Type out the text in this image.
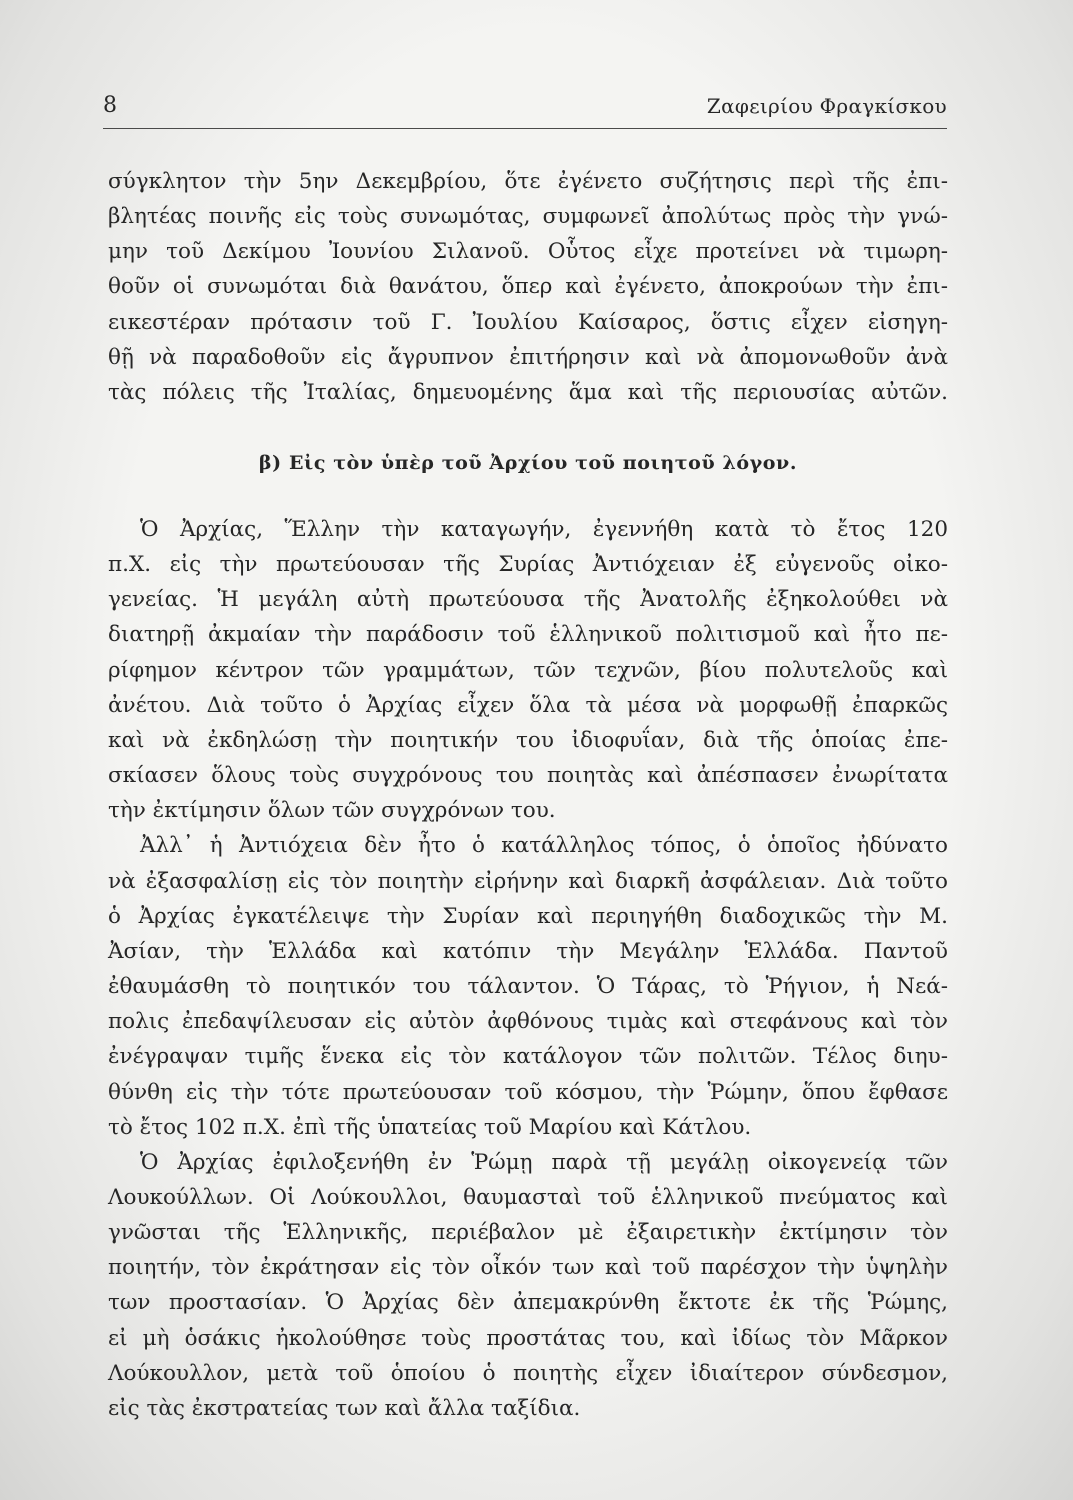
8	Ζαφειρίου Φραγκίσκου
σύγκλητον τὴν 5ην Δεκεμβρίου, ὅτε ἐγένετο συζήτησις περὶ τῆς ἐπι-
βλητέας ποινῆς εἰς τοὺς συνωμότας, συμφωνεῖ ἀπολύτως πρὸς τὴν γνώ-
μην τοῦ Δεκίμου Ἰουνίου Σιλανοῦ. Οὗτος εἶχε προτείνει νὰ τιμωρη-
θοῦν οἱ συνωμόται διὰ θανάτου, ὅπερ καὶ ἐγένετο, ἀποκρούων τὴν ἐπι-
εικεστέραν πρότασιν τοῦ Γ. Ἰουλίου Καίσαρος, ὅστις εἶχεν εἰσηγη-
θῇ νὰ παραδοθοῦν εἰς ἄγρυπνον ἐπιτήρησιν καὶ νὰ ἀπομονωθοῦν ἀνὰ
τὰς πόλεις τῆς Ἰταλίας, δημευομένης ἅμα καὶ τῆς περιουσίας αὐτῶν.
β) Εἰς τὸν ὑπὲρ τοῦ Ἀρχίου τοῦ ποιητοῦ λόγον.
Ὁ Ἀρχίας, Ἕλλην τὴν καταγωγήν, ἐγεννήθη κατὰ τὸ ἔτος 120
π.Χ. εἰς τὴν πρωτεύουσαν τῆς Συρίας Ἀντιόχειαν ἐξ εὐγενοῦς οἰκο-
γενείας. Ἡ μεγάλη αὐτὴ πρωτεύουσα τῆς Ἀνατολῆς ἐξηκολούθει νὰ
διατηρῇ ἀκμαίαν τὴν παράδοσιν τοῦ ἑλληνικοῦ πολιτισμοῦ καὶ ἦτο πε-
ρίφημον κέντρον τῶν γραμμάτων, τῶν τεχνῶν, βίου πολυτελοῦς καὶ
ἀνέτου. Διὰ τοῦτο ὁ Ἀρχίας εἶχεν ὅλα τὰ μέσα νὰ μορφωθῇ ἐπαρκῶς
καὶ νὰ ἐκδηλώσῃ τὴν ποιητικήν του ἰδιοφυΐαν, διὰ τῆς ὁποίας ἐπε-
σκίασεν ὅλους τοὺς συγχρόνους του ποιητὰς καὶ ἀπέσπασεν ἐνωρίτατα
τὴν ἐκτίμησιν ὅλων τῶν συγχρόνων του.
Ἀλλ᾽ ἡ Ἀντιόχεια δὲν ἦτο ὁ κατάλληλος τόπος, ὁ ὁποῖος ἠδύνατο
νὰ ἐξασφαλίσῃ εἰς τὸν ποιητὴν εἰρήνην καὶ διαρκῆ ἀσφάλειαν. Διὰ τοῦτο
ὁ Ἀρχίας ἐγκατέλειψε τὴν Συρίαν καὶ περιηγήθη διαδοχικῶς τὴν Μ.
Ἀσίαν, τὴν Ἑλλάδα καὶ κατόπιν τὴν Μεγάλην Ἑλλάδα. Παντοῦ
ἐθαυμάσθη τὸ ποιητικόν του τάλαντον. Ὁ Τάρας, τὸ Ῥήγιον, ἡ Νεά-
πολις ἐπεδαψίλευσαν εἰς αὐτὸν ἀφθόνους τιμὰς καὶ στεφάνους καὶ τὸν
ἐνέγραψαν τιμῆς ἕνεκα εἰς τὸν κατάλογον τῶν πολιτῶν. Τέλος διηυ-
θύνθη εἰς τὴν τότε πρωτεύουσαν τοῦ κόσμου, τὴν Ῥώμην, ὅπου ἔφθασε
τὸ ἔτος 102 π.Χ. ἐπὶ τῆς ὑπατείας τοῦ Μαρίου καὶ Κάτλου.
Ὁ Ἀρχίας ἐφιλοξενήθη ἐν Ῥώμῃ παρὰ τῇ μεγάλῃ οἰκογενείᾳ τῶν
Λουκούλλων. Οἱ Λούκουλλοι, θαυμασταὶ τοῦ ἑλληνικοῦ πνεύματος καὶ
γνῶσται τῆς Ἑλληνικῆς, περιέβαλον μὲ ἐξαιρετικὴν ἐκτίμησιν τὸν
ποιητήν, τὸν ἐκράτησαν εἰς τὸν οἶκόν των καὶ τοῦ παρέσχον τὴν ὑψηλὴν
των προστασίαν. Ὁ Ἀρχίας δὲν ἀπεμακρύνθη ἔκτοτε ἐκ τῆς Ῥώμης,
εἰ μὴ ὁσάκις ἠκολούθησε τοὺς προστάτας του, καὶ ἰδίως τὸν Μᾶρκον
Λούκουλλον, μετὰ τοῦ ὁποίου ὁ ποιητὴς εἶχεν ἰδιαίτερον σύνδεσμον,
εἰς τὰς ἐκστρατείας των καὶ ἄλλα ταξίδια.
